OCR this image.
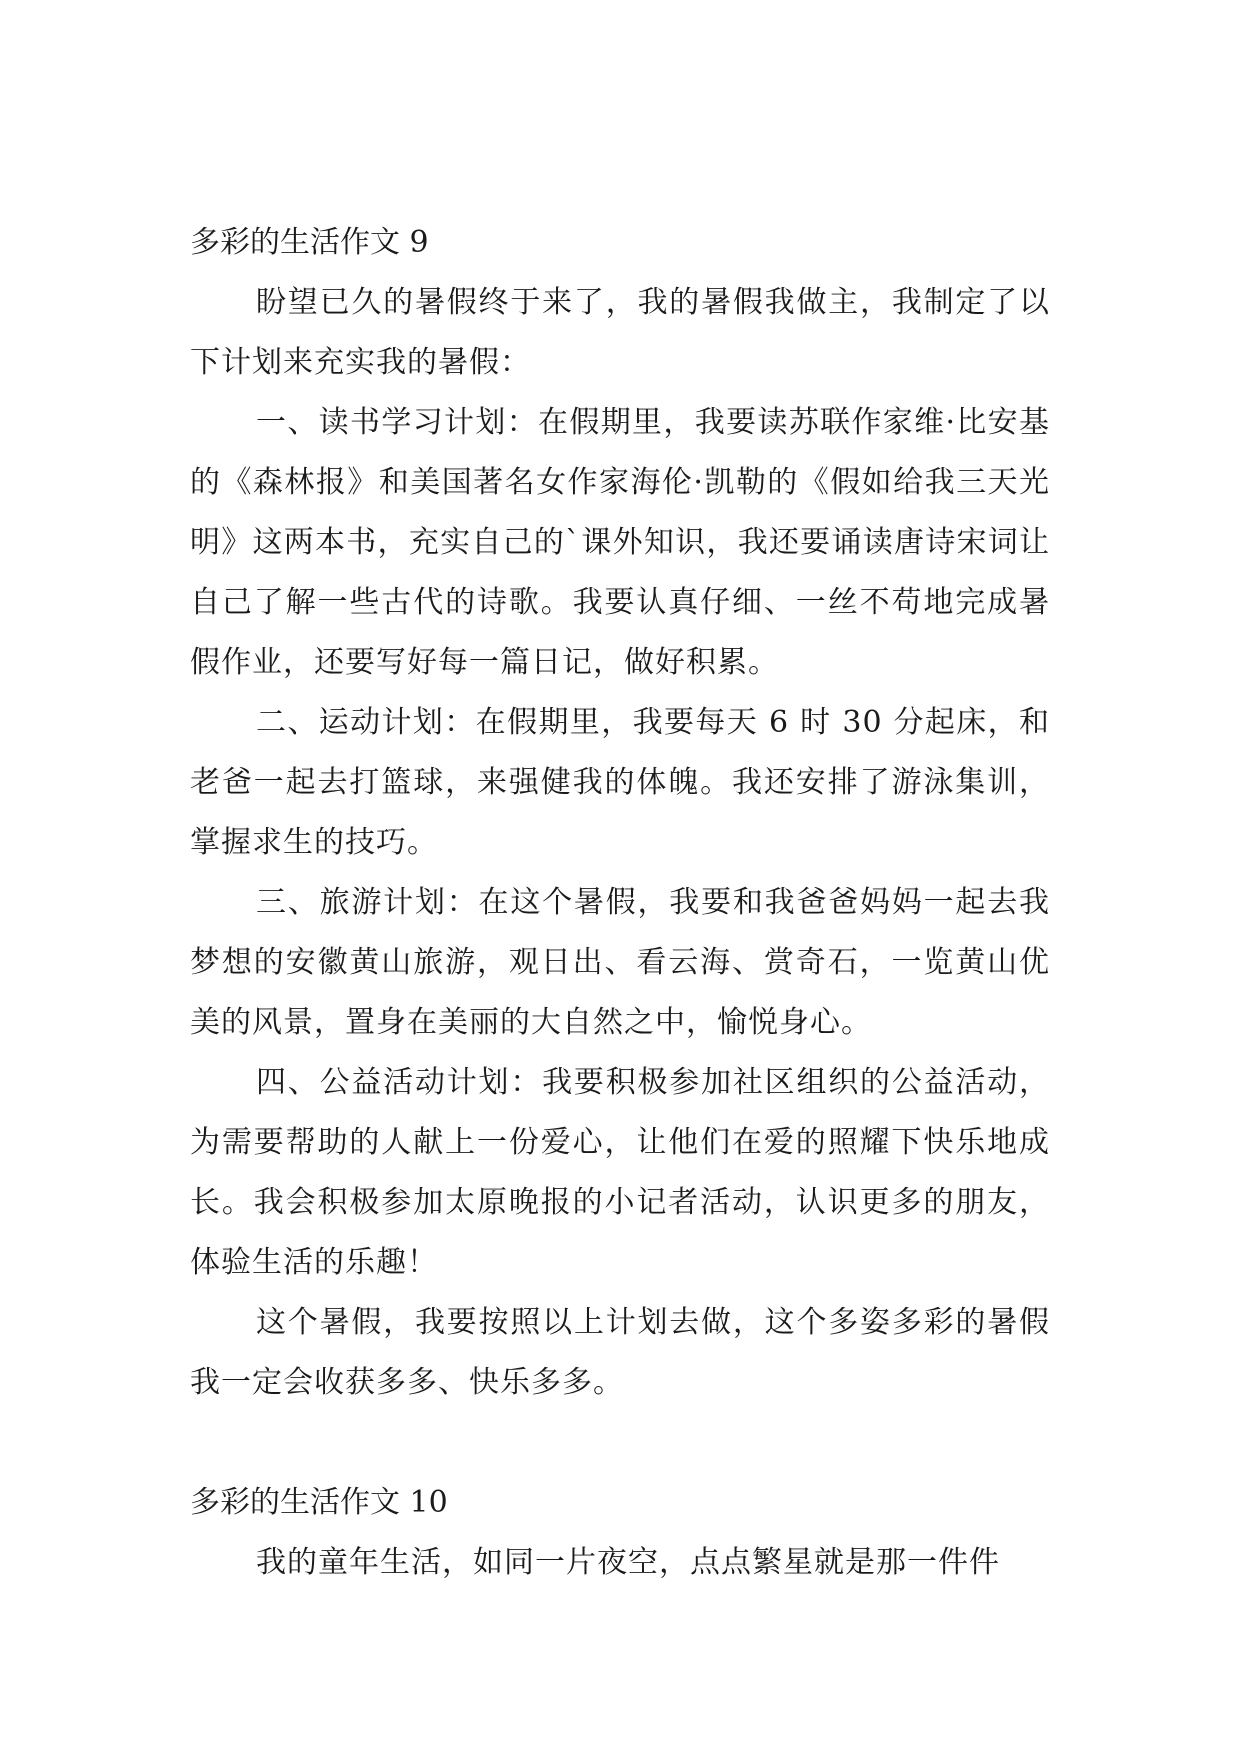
多彩的生活作文 9

盼望已久的暑假终于来了，我的暑假我做主，我制定了以下计划来充实我的暑假：

一、读书学习计划：在假期里，我要读苏联作家维·比安基的《森林报》和美国著名女作家海伦·凯勒的《假如给我三天光明》这两本书，充实自己的`课外知识，我还要诵读唐诗宋词让自己了解一些古代的诗歌。我要认真仔细、一丝不苟地完成暑假作业，还要写好每一篇日记，做好积累。

二、运动计划：在假期里，我要每天 6 时 30 分起床，和老爸一起去打篮球，来强健我的体魄。我还安排了游泳集训，掌握求生的技巧。

三、旅游计划：在这个暑假，我要和我爸爸妈妈一起去我梦想的安徽黄山旅游，观日出、看云海、赏奇石，一览黄山优美的风景，置身在美丽的大自然之中，愉悦身心。

四、公益活动计划：我要积极参加社区组织的公益活动，为需要帮助的人献上一份爱心，让他们在爱的照耀下快乐地成长。我会积极参加太原晚报的小记者活动，认识更多的朋友，体验生活的乐趣！

这个暑假，我要按照以上计划去做，这个多姿多彩的暑假我一定会收获多多、快乐多多。

多彩的生活作文 10

我的童年生活，如同一片夜空，点点繁星就是那一件件
